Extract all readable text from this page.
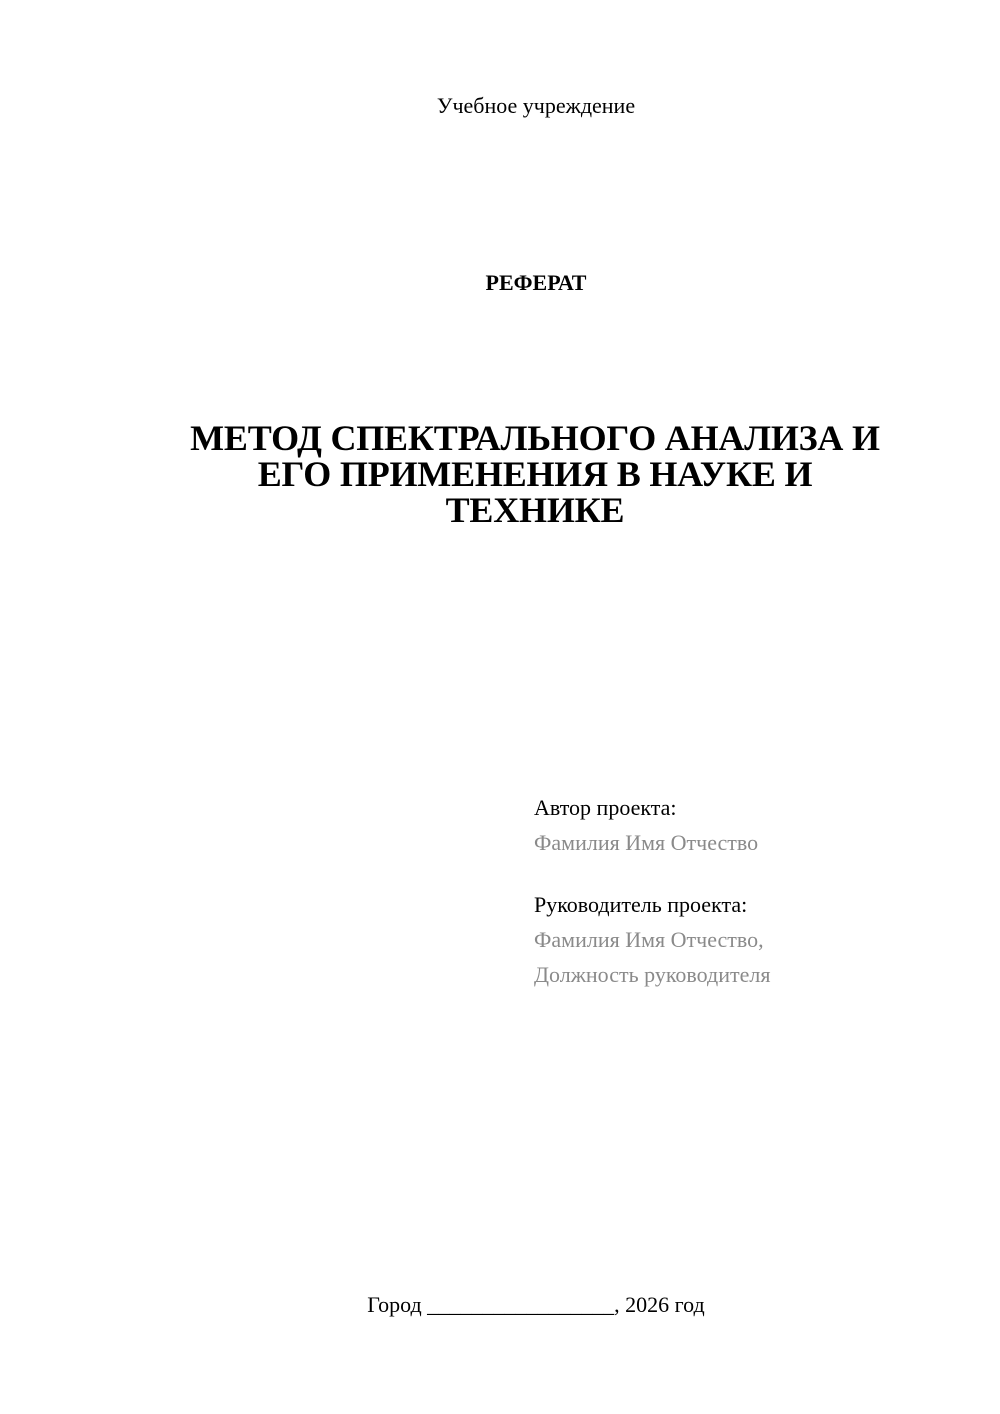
Учебное учреждение
РЕФЕРАТ
МЕТОД СПЕКТРАЛЬНОГО АНАЛИЗА И
ЕГО ПРИМЕНЕНИЯ В НАУКЕ И
ТЕХНИКЕ
Автор проекта:
Фамилия Имя Отчество
Руководитель проекта:
Фамилия Имя Отчество,
Должность руководителя
Город _________________, 2026 год
